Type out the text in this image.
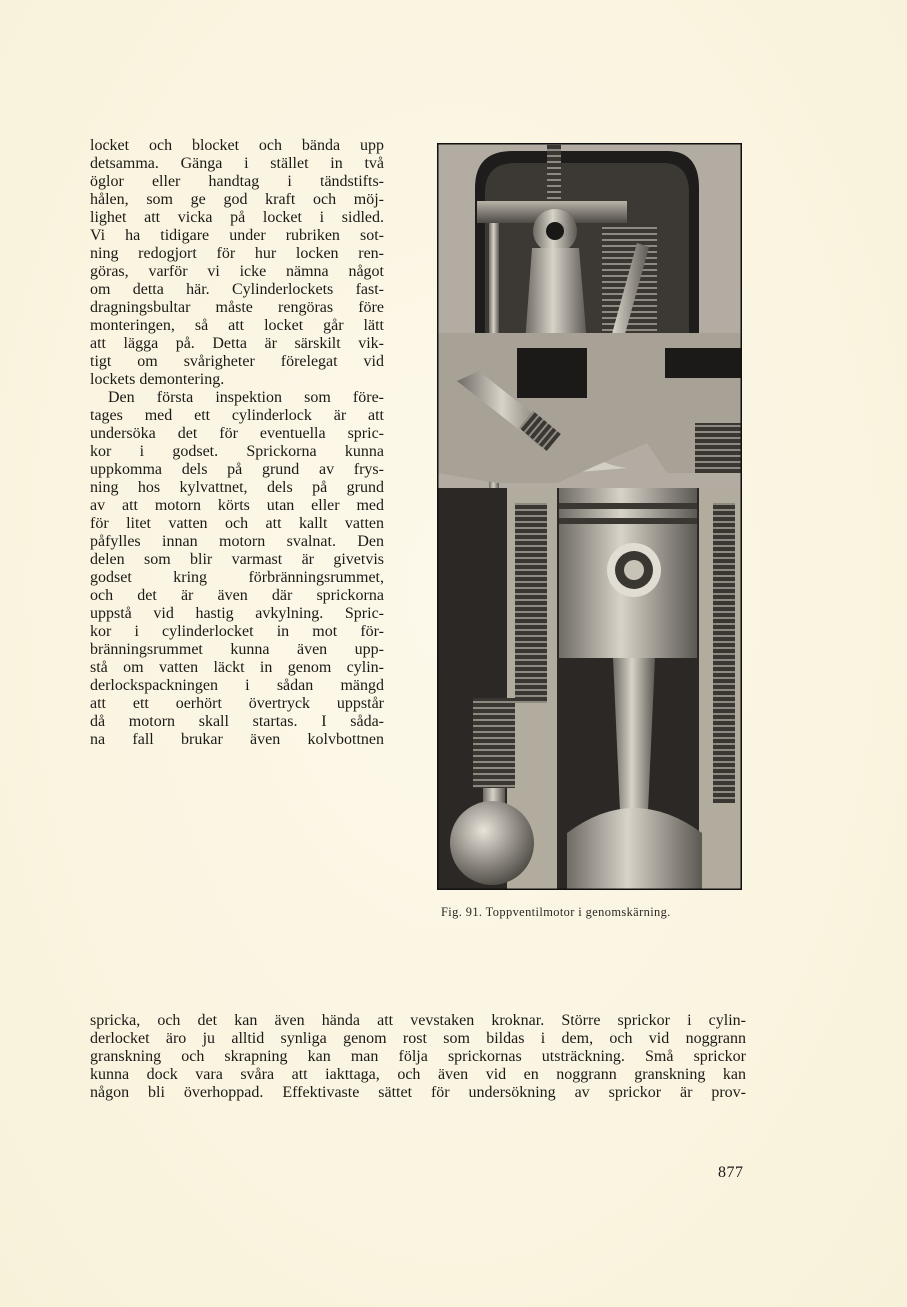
locket och blocket och bända upp
detsamma. Gänga i stället in två
öglor eller handtag i tändstifts-
hålen, som ge god kraft och möj-
lighet att vicka på locket i sidled.
Vi ha tidigare under rubriken sot-
ning redogjort för hur locken ren-
göras, varför vi icke nämna något
om detta här. Cylinderlockets fast-
dragningsbultar måste rengöras före
monteringen, så att locket går lätt
att lägga på. Detta är särskilt vik-
tigt om svårigheter förelegat vid
lockets demontering.
Den första inspektion som före-
tages med ett cylinderlock är att
undersöka det för eventuella spric-
kor i godset. Sprickorna kunna
uppkomma dels på grund av frys-
ning hos kylvattnet, dels på grund
av att motorn körts utan eller med
för litet vatten och att kallt vatten
påfylles innan motorn svalnat. Den
delen som blir varmast är givetvis
godset kring förbränningsrummet,
och det är även där sprickorna
uppstå vid hastig avkylning. Spric-
kor i cylinderlocket in mot för-
bränningsrummet kunna även upp-
stå om vatten läckt in genom cylin-
derlockspackningen i sådan mängd
att ett oerhört övertryck uppstår
då motorn skall startas. I såda-
na fall brukar även kolvbottnen
Fig. 91. Toppventilmotor i genomskärning.
spricka, och det kan även hända att vevstaken kroknar. Större sprickor i cylin-
derlocket äro ju alltid synliga genom rost som bildas i dem, och vid noggrann
granskning och skrapning kan man följa sprickornas utsträckning. Små sprickor
kunna dock vara svåra att iakttaga, och även vid en noggrann granskning kan
någon bli överhoppad. Effektivaste sättet för undersökning av sprickor är prov-
877
